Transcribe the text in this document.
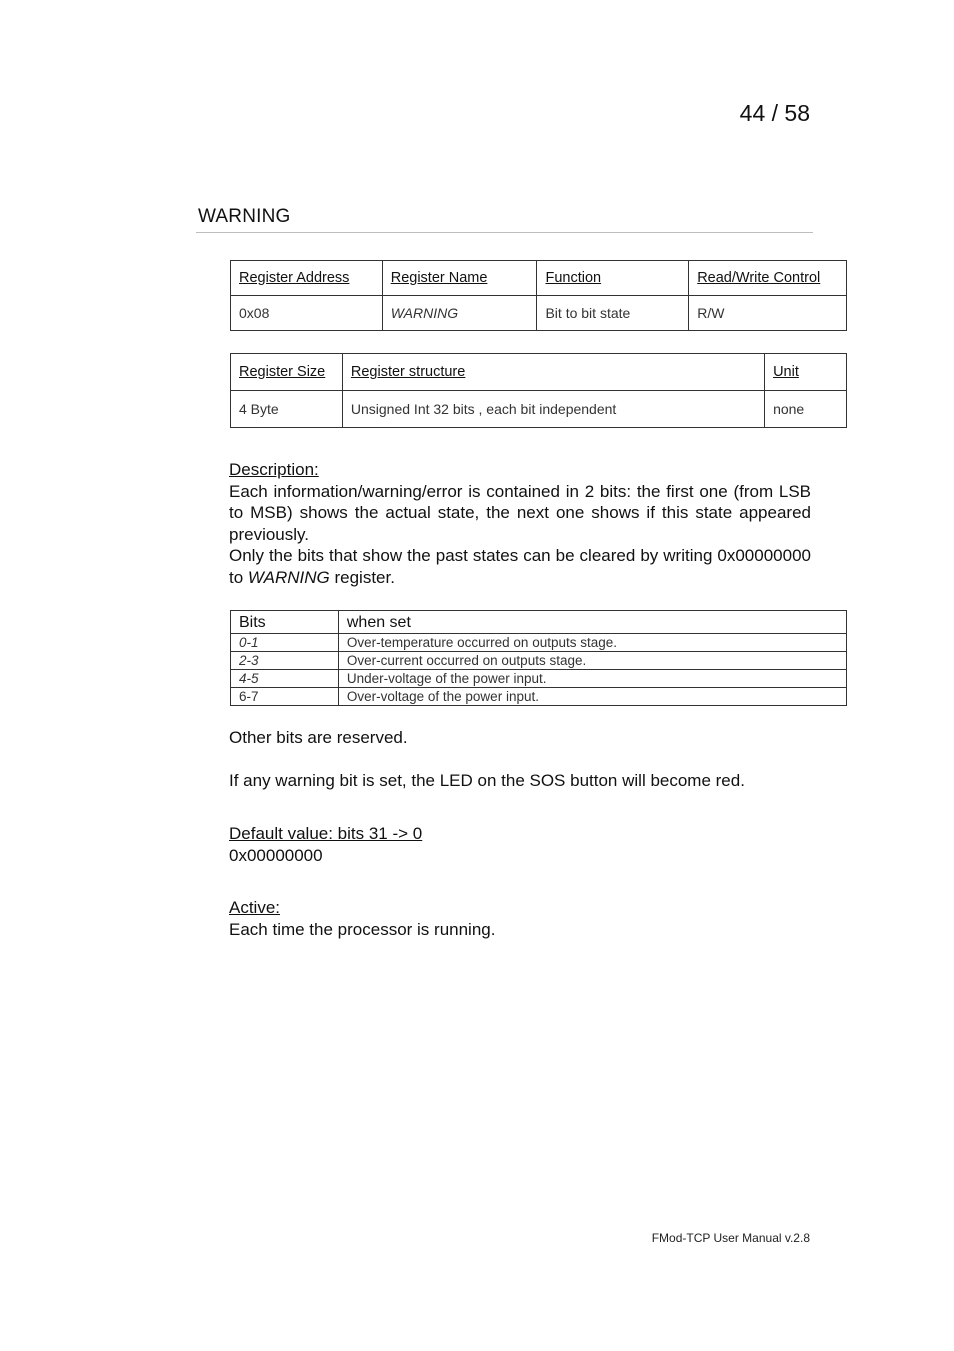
44 / 58
WARNING
Register Address	Register Name	Function	Read/Write Control
0x08	WARNING	Bit to bit state	R/W
Register Size	Register structure	Unit
4 Byte	Unsigned Int 32 bits , each bit independent	none
Description:
Each information/warning/error is contained in 2 bits: the first one (from LSB to MSB) shows the actual state, the next one shows if this state appeared previously.
Only the bits that show the past states can be cleared by writing 0x00000000 to WARNING register.
Bits	when set
0-1	Over-temperature occurred on outputs stage.
2-3	Over-current occurred on outputs stage.
4-5	Under-voltage of the power input.
6-7	Over-voltage of the power input.
Other bits are reserved.
If any warning bit is set, the LED on the SOS button will become red.
Default value: bits 31 -> 0
0x00000000
Active:
Each time the processor is running.
FMod-TCP User Manual v.2.8
